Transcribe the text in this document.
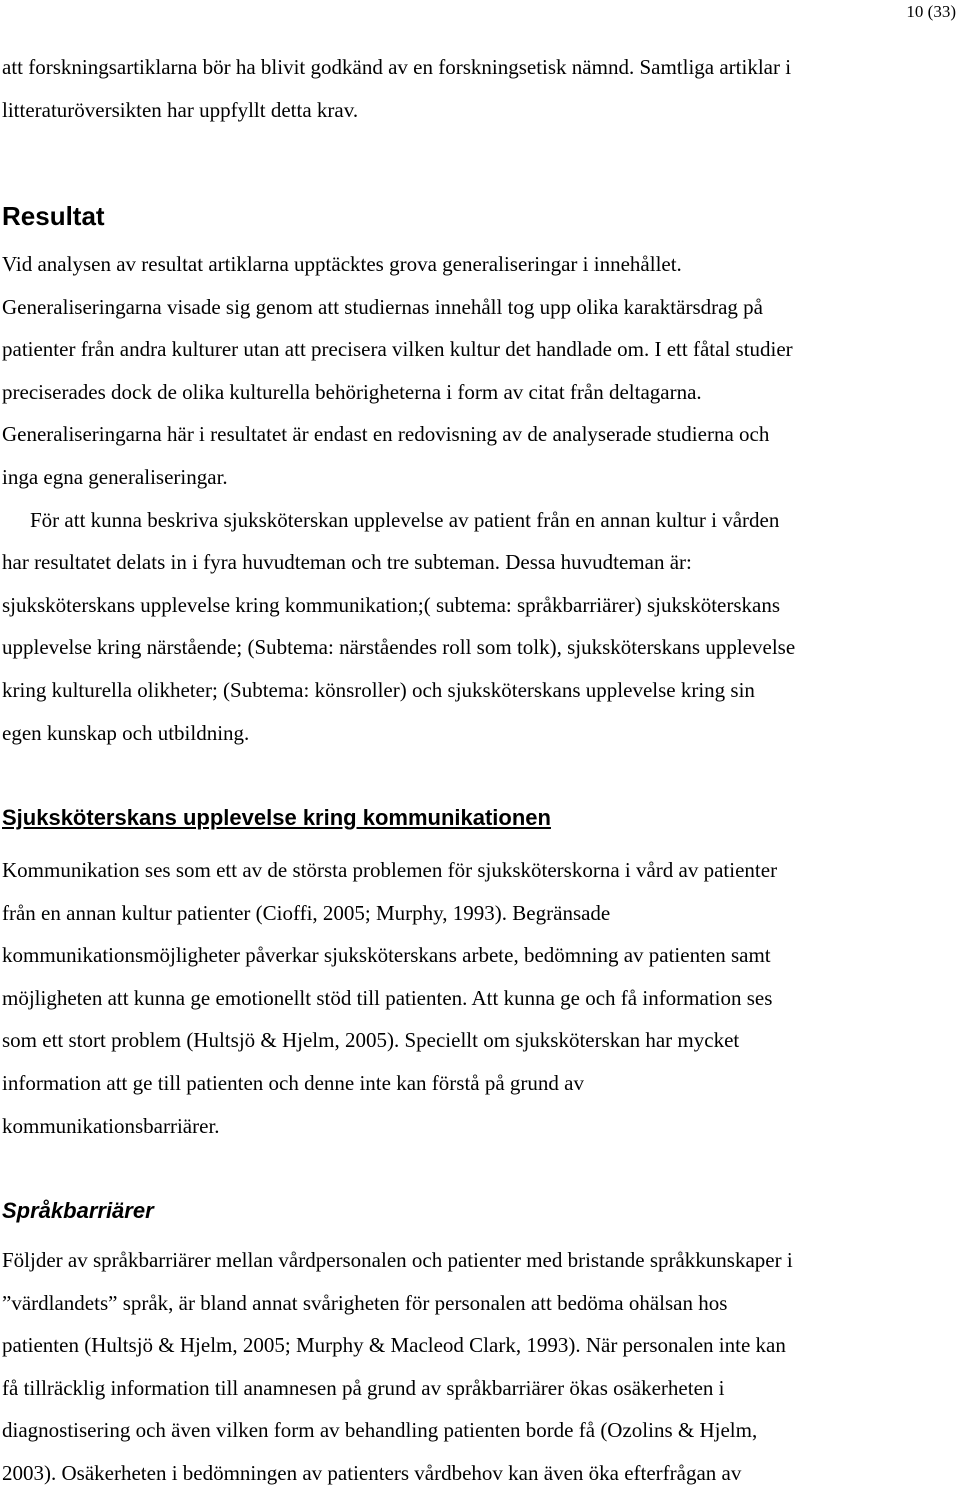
10 (33)
att forskningsartiklarna bör ha blivit godkänd av en forskningsetisk nämnd. Samtliga artiklar i
litteraturöversikten har uppfyllt detta krav.
Resultat
Vid analysen av resultat artiklarna upptäcktes grova generaliseringar i innehållet.
Generaliseringarna visade sig genom att studiernas innehåll tog upp olika karaktärsdrag på
patienter från andra kulturer utan att precisera vilken kultur det handlade om. I ett fåtal studier
preciserades dock de olika kulturella behörigheterna i form av citat från deltagarna.
Generaliseringarna här i resultatet är endast en redovisning av de analyserade studierna och
inga egna generaliseringar.
För att kunna beskriva sjuksköterskan upplevelse av patient från en annan kultur i vården
har resultatet delats in i fyra huvudteman och tre subteman. Dessa huvudteman är:
sjuksköterskans upplevelse kring kommunikation;( subtema: språkbarriärer) sjuksköterskans
upplevelse kring närstående; (Subtema: närståendes roll som tolk), sjuksköterskans upplevelse
kring kulturella olikheter; (Subtema: könsroller) och sjuksköterskans upplevelse kring sin
egen kunskap och utbildning.
Sjuksköterskans upplevelse kring kommunikationen
Kommunikation ses som ett av de största problemen för sjuksköterskorna i vård av patienter
från en annan kultur patienter (Cioffi, 2005; Murphy, 1993). Begränsade
kommunikationsmöjligheter påverkar sjuksköterskans arbete, bedömning av patienten samt
möjligheten att kunna ge emotionellt stöd till patienten. Att kunna ge och få information ses
som ett stort problem (Hultsjö & Hjelm, 2005). Speciellt om sjuksköterskan har mycket
information att ge till patienten och denne inte kan förstå på grund av
kommunikationsbarriärer.
Språkbarriärer
Följder av språkbarriärer mellan vårdpersonalen och patienter med bristande språkkunskaper i
”värdlandets” språk, är bland annat svårigheten för personalen att bedöma ohälsan hos
patienten (Hultsjö & Hjelm, 2005; Murphy & Macleod Clark, 1993). När personalen inte kan
få tillräcklig information till anamnesen på grund av språkbarriärer ökas osäkerheten i
diagnostisering och även vilken form av behandling patienten borde få (Ozolins & Hjelm,
2003). Osäkerheten i bedömningen av patienters vårdbehov kan även öka efterfrågan av
